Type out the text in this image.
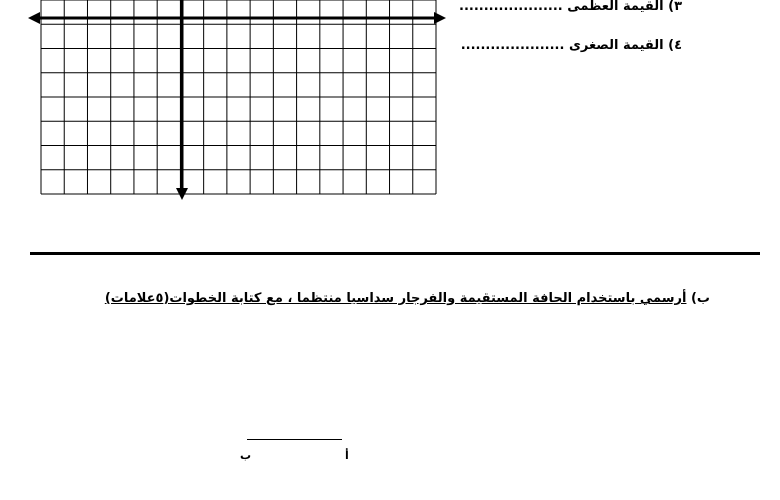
٣) القيمة العظمى .....................
٤) القيمة الصغرى .....................
ب) أرسمي باستخدام الحافة المستقيمة والفرجار سداسيا منتظما ، مع كتابة الخطوات(٥علامات)
أ
ب
